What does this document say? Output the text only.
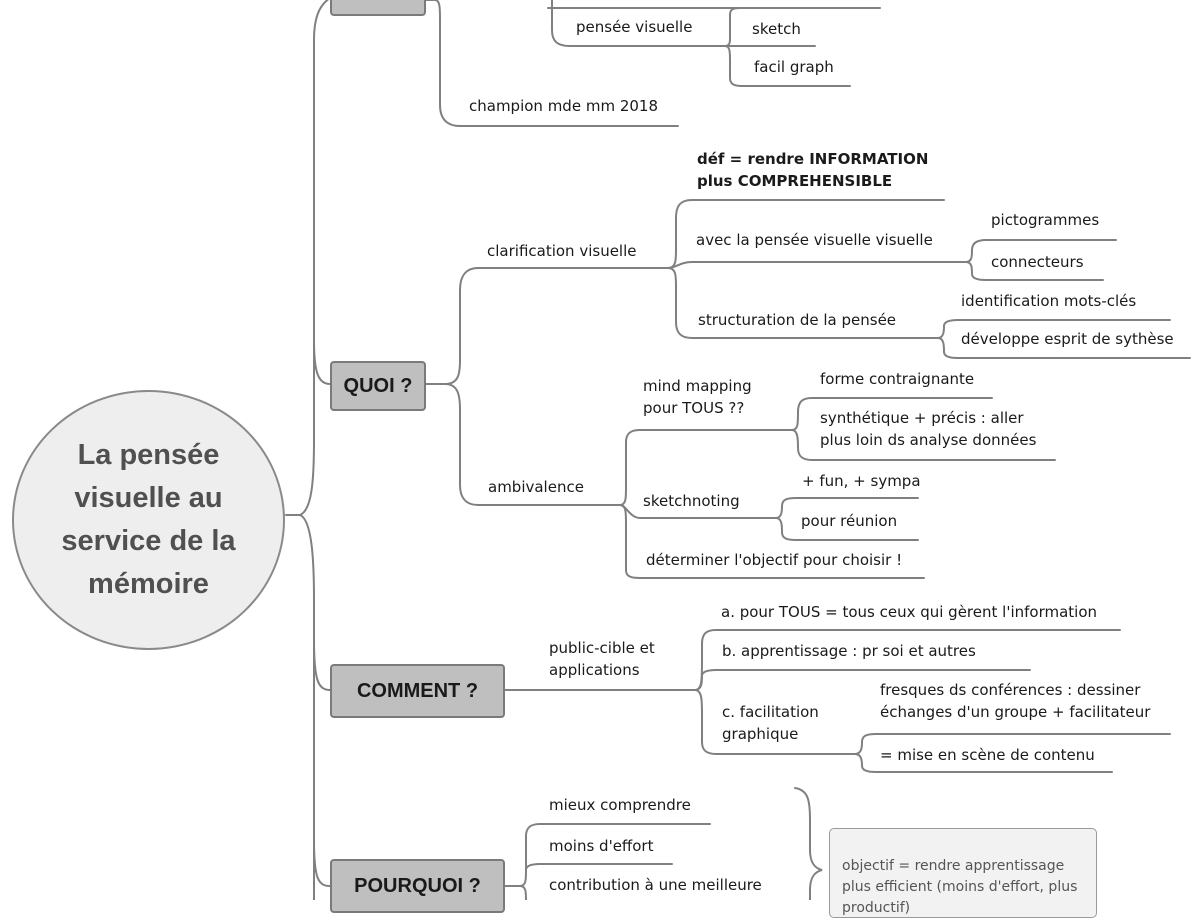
La pensée
visuelle au
service de la
mémoire
QUOI ?
COMMENT ?
POURQUOI ?
pensée visuelle	sketch
facil graph
champion mde mm 2018
clarification visuelle
déf = rendre INFORMATION
plus COMPREHENSIBLE
avec la pensée visuelle visuelle
pictogrammes
connecteurs
structuration de la pensée
identification mots-clés
développe esprit de sythèse
ambivalence
mind mapping
pour TOUS ??
forme contraignante
synthétique + précis : aller
plus loin ds analyse données
sketchnoting
+ fun, + sympa
pour réunion
déterminer l'objectif pour choisir !
public-cible et
applications
a. pour TOUS = tous ceux qui gèrent l'information
b. apprentissage : pr soi et autres
c. facilitation
graphique
fresques ds conférences : dessiner
échanges d'un groupe + facilitateur
= mise en scène de contenu
mieux comprendre
moins d'effort
contribution à une meilleure

objectif = rendre apprentissage
plus efficient (moins d'effort, plus
productif)
